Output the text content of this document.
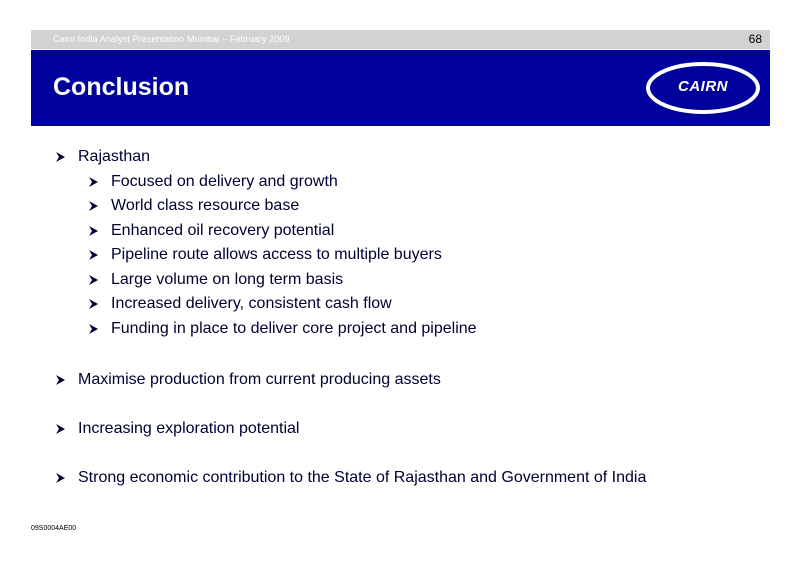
Cairn India Analyst Presentation Mumbai – February 2009	68
Conclusion	CAIRN
Rajasthan
Focused on delivery and growth
World class resource base
Enhanced oil recovery potential
Pipeline route allows access to multiple buyers
Large volume on long term basis
Increased delivery, consistent cash flow
Funding in place to deliver core project and pipeline
Maximise production from current producing assets
Increasing exploration potential
Strong economic contribution to the State of Rajasthan and Government of India
09S0004AE00
